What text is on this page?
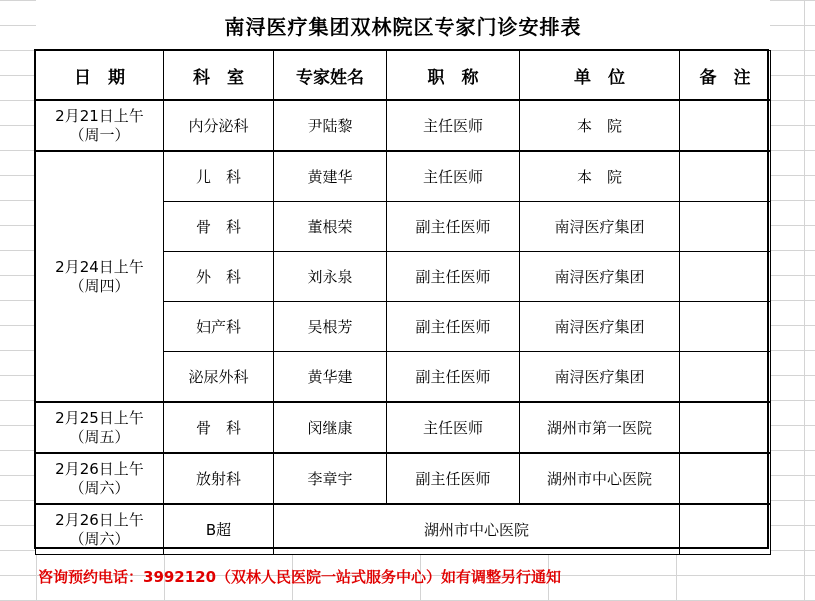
南浔医疗集团双林院区专家门诊安排表
日　期	科　室	专家姓名	职　称	单　位	备　注

2月21日上午
（周一）	内分泌科	尹陆黎	主任医师	本　院	

2月24日上午
（周四）	儿　科	黄建华	主任医师	本　院	
	骨　科	董根荣	副主任医师	南浔医疗集团	
	外　科	刘永泉	副主任医师	南浔医疗集团	
	妇产科	吴根芳	副主任医师	南浔医疗集团	
	泌尿外科	黄华建	副主任医师	南浔医疗集团	

2月25日上午
（周五）	骨　科	闵继康	主任医师	湖州市第一医院	

2月26日上午
（周六）	放射科	李章宇	副主任医师	湖州市中心医院	

2月26日上午
（周六）	B超	湖州市中心医院			
咨询预约电话：3992120（双林人民医院一站式服务中心）如有调整另行通知
